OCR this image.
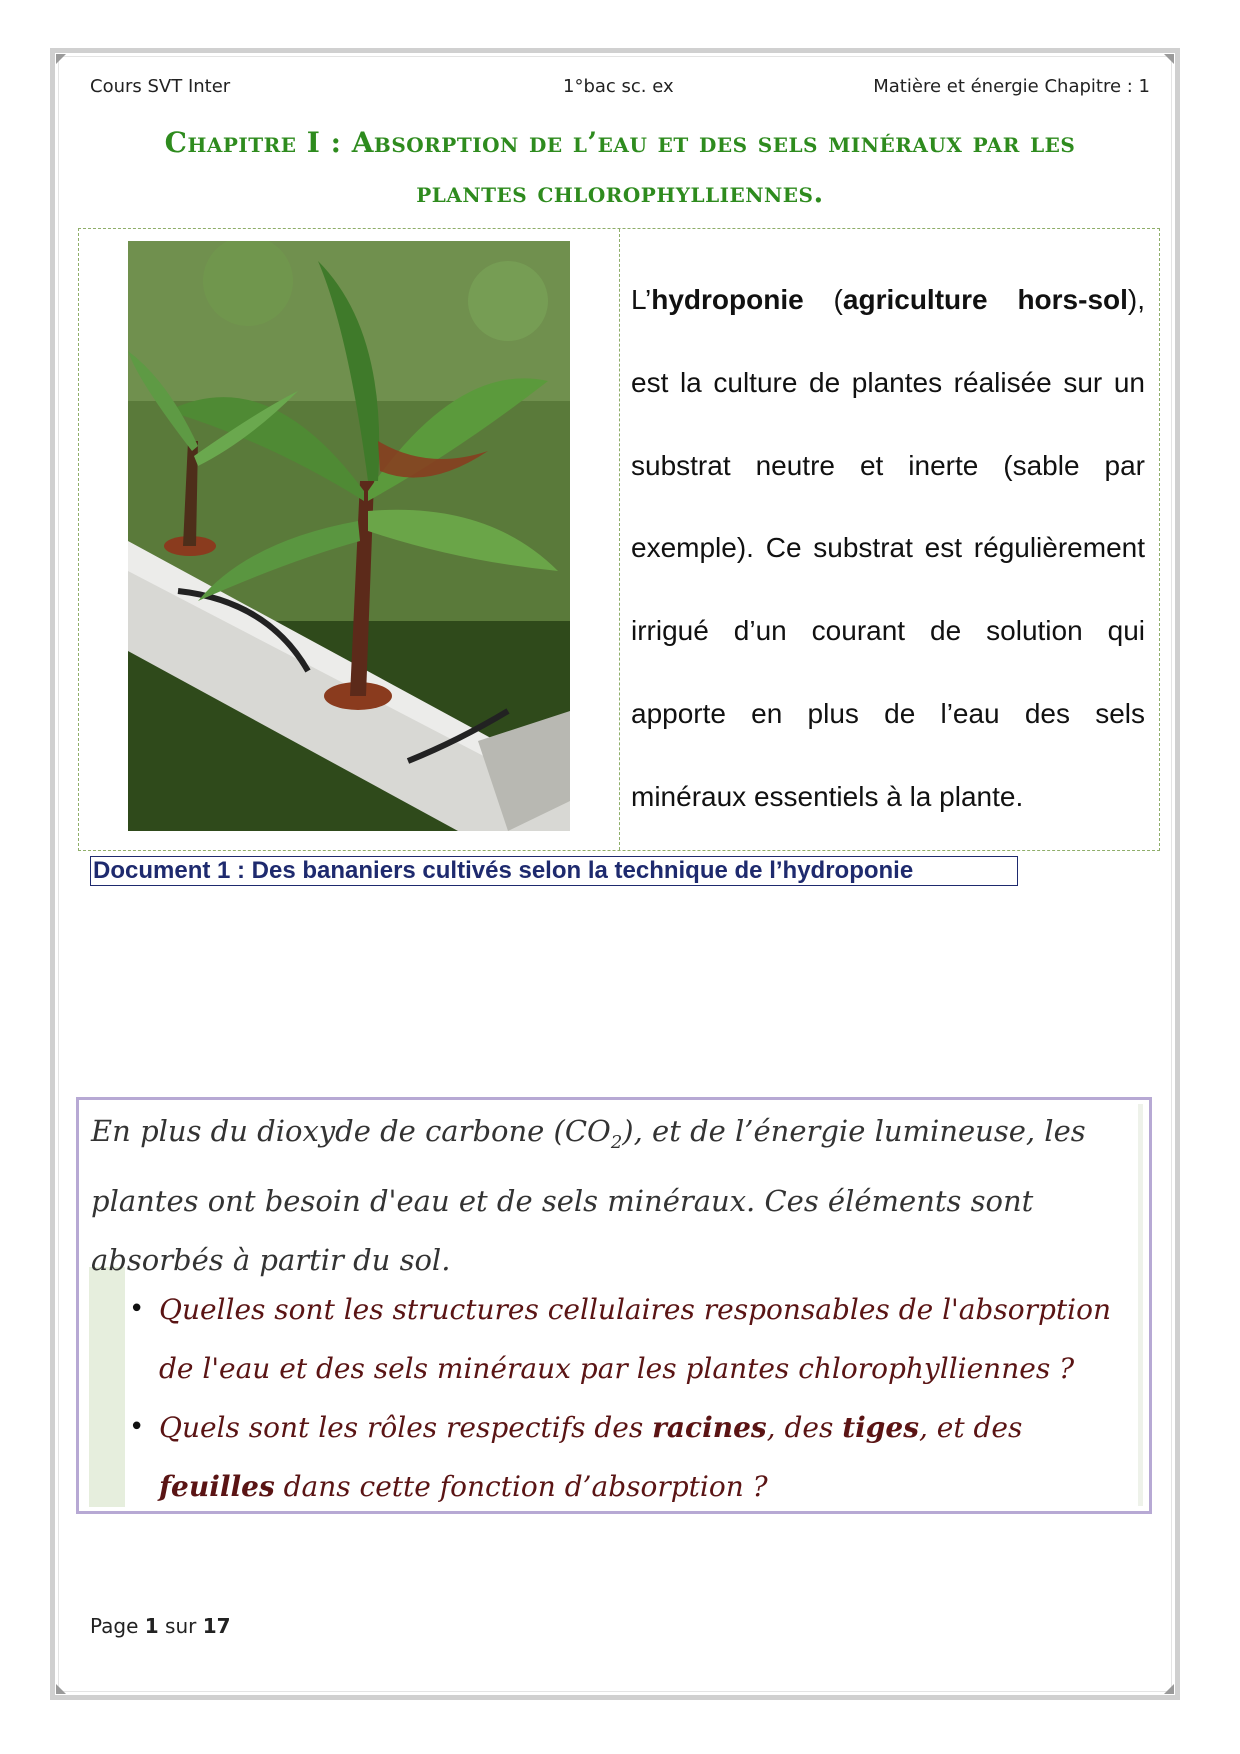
Cours SVT Inter	1°bac sc. ex	Matière et énergie Chapitre : 1
Chapitre I : Absorption de l’eau et des sels minéraux par les
plantes chlorophylliennes.
L’hydroponie (agriculture hors-sol), est la culture de plantes réalisée sur un substrat neutre et inerte (sable par exemple). Ce substrat est régulièrement irrigué d’un courant de solution qui apporte en plus de l’eau des sels minéraux essentiels à la plante.
Document 1 : Des bananiers cultivés selon la technique de l’hydroponie
En plus du dioxyde de carbone $(CO_2)$, et de l’énergie lumineuse, les plantes ont besoin d'eau et de sels minéraux. Ces éléments sont absorbés à partir du sol.
• Quelles sont les structures cellulaires responsables de l'absorption de l'eau et des sels minéraux par les plantes chlorophylliennes ?
• Quels sont les rôles respectifs des racines, des tiges, et des feuilles dans cette fonction d’absorption ?
Page 1 sur 17
